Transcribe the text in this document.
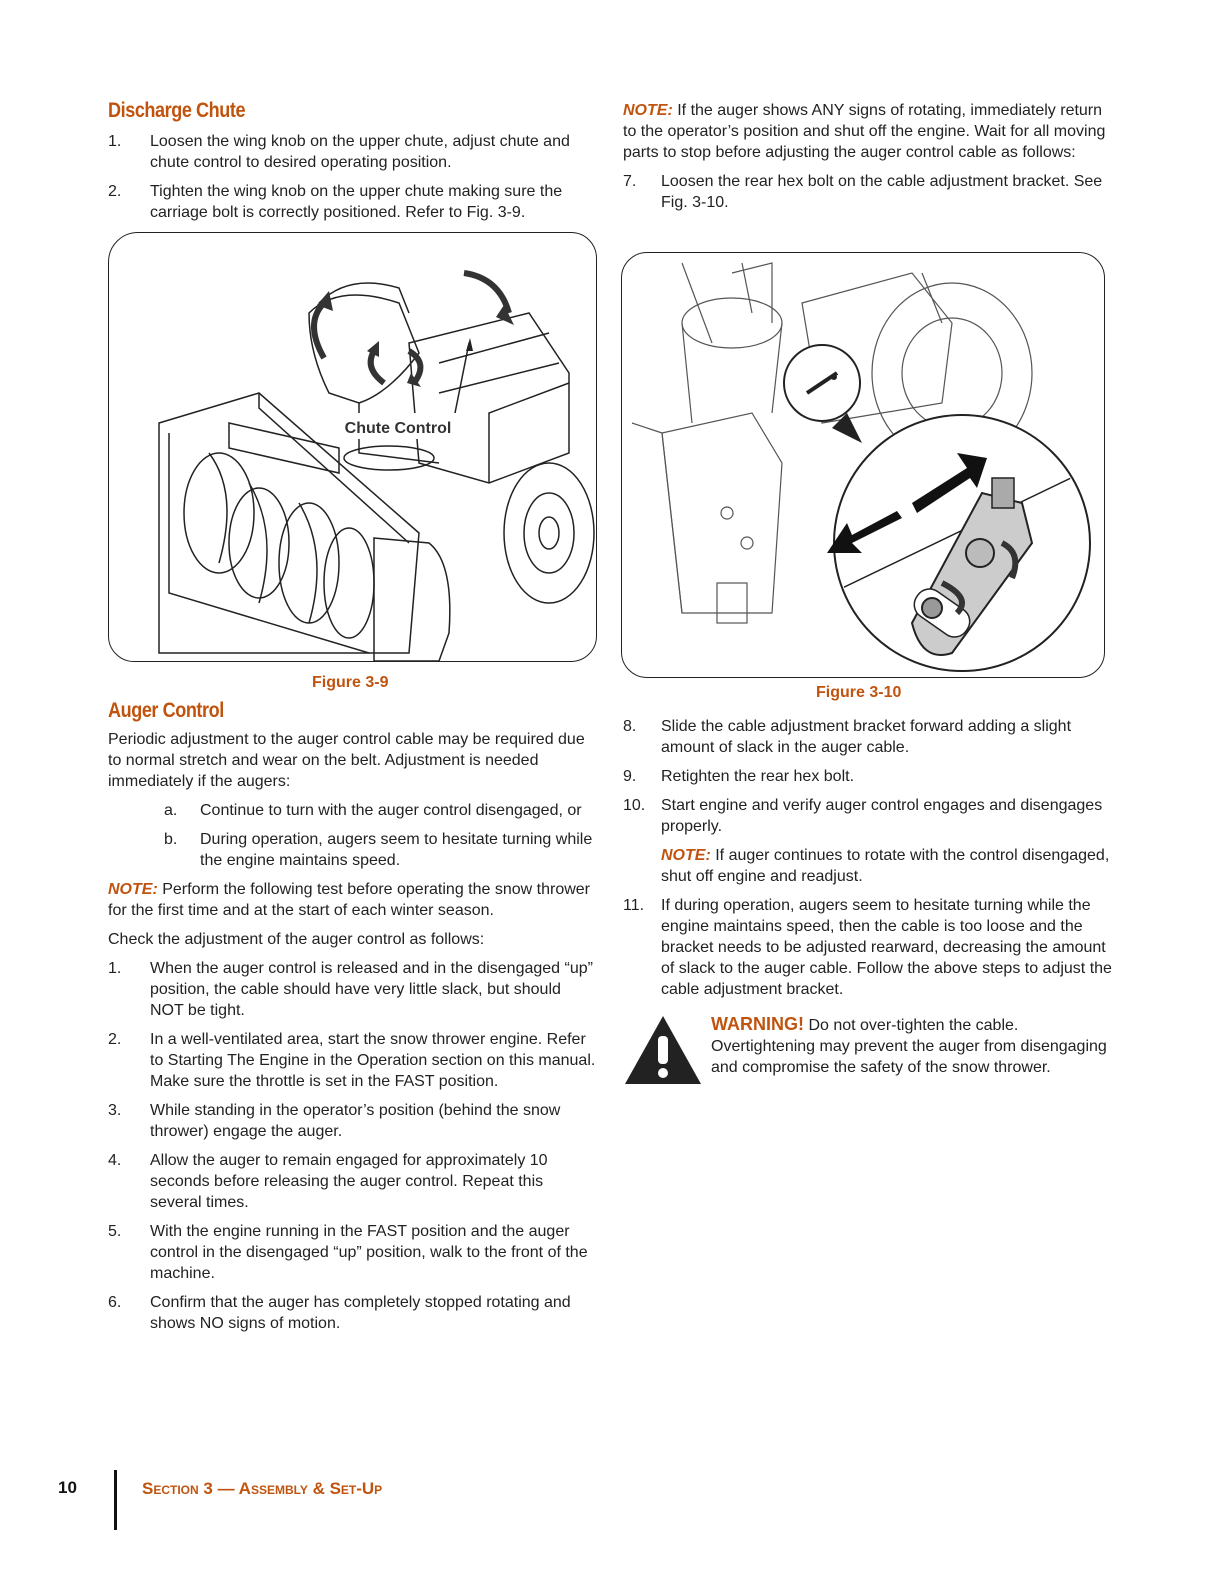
Discharge Chute
1. Loosen the wing knob on the upper chute, adjust chute and chute control to desired operating position.
2. Tighten the wing knob on the upper chute making sure the carriage bolt is correctly positioned. Refer to Fig. 3-9.
Chute Control
Figure 3-9
Auger Control

Periodic adjustment to the auger control cable may be required due to normal stretch and wear on the belt. Adjustment is needed immediately if the augers:

a. Continue to turn with the auger control disengaged, or
b. During operation, augers seem to hesitate turning while the engine maintains speed.

NOTE: Perform the following test before operating the snow thrower for the first time and at the start of each winter season.

Check the adjustment of the auger control as follows:

1. When the auger control is released and in the disengaged “up” position, the cable should have very little slack, but should NOT be tight.
2. In a well-ventilated area, start the snow thrower engine. Refer to Starting The Engine in the Operation section on this manual. Make sure the throttle is set in the FAST position.
3. While standing in the operator’s position (behind the snow thrower) engage the auger.
4. Allow the auger to remain engaged for approximately 10 seconds before releasing the auger control. Repeat this several times.
5. With the engine running in the FAST position and the auger control in the disengaged “up” position, walk to the front of the machine.
6. Confirm that the auger has completely stopped rotating and shows NO signs of motion.

NOTE: If the auger shows ANY signs of rotating, immediately return to the operator’s position and shut off the engine. Wait for all moving parts to stop before adjusting the auger control cable as follows:

7. Loosen the rear hex bolt on the cable adjustment bracket. See Fig. 3-10.
Figure 3-10
8. Slide the cable adjustment bracket forward adding a slight amount of slack in the auger cable.
9. Retighten the rear hex bolt.
10. Start engine and verify auger control engages and disengages properly.

NOTE: If auger continues to rotate with the control disengaged, shut off engine and readjust.

11. If during operation, augers seem to hesitate turning while the engine maintains speed, then the cable is too loose and the bracket needs to be adjusted rearward, decreasing the amount of slack to the auger cable. Follow the above steps to adjust the cable adjustment bracket.

WARNING! Do not over-tighten the cable. Overtightening may prevent the auger from disengaging and compromise the safety of the snow thrower.

10	Section 3 — Assembly & Set-Up
